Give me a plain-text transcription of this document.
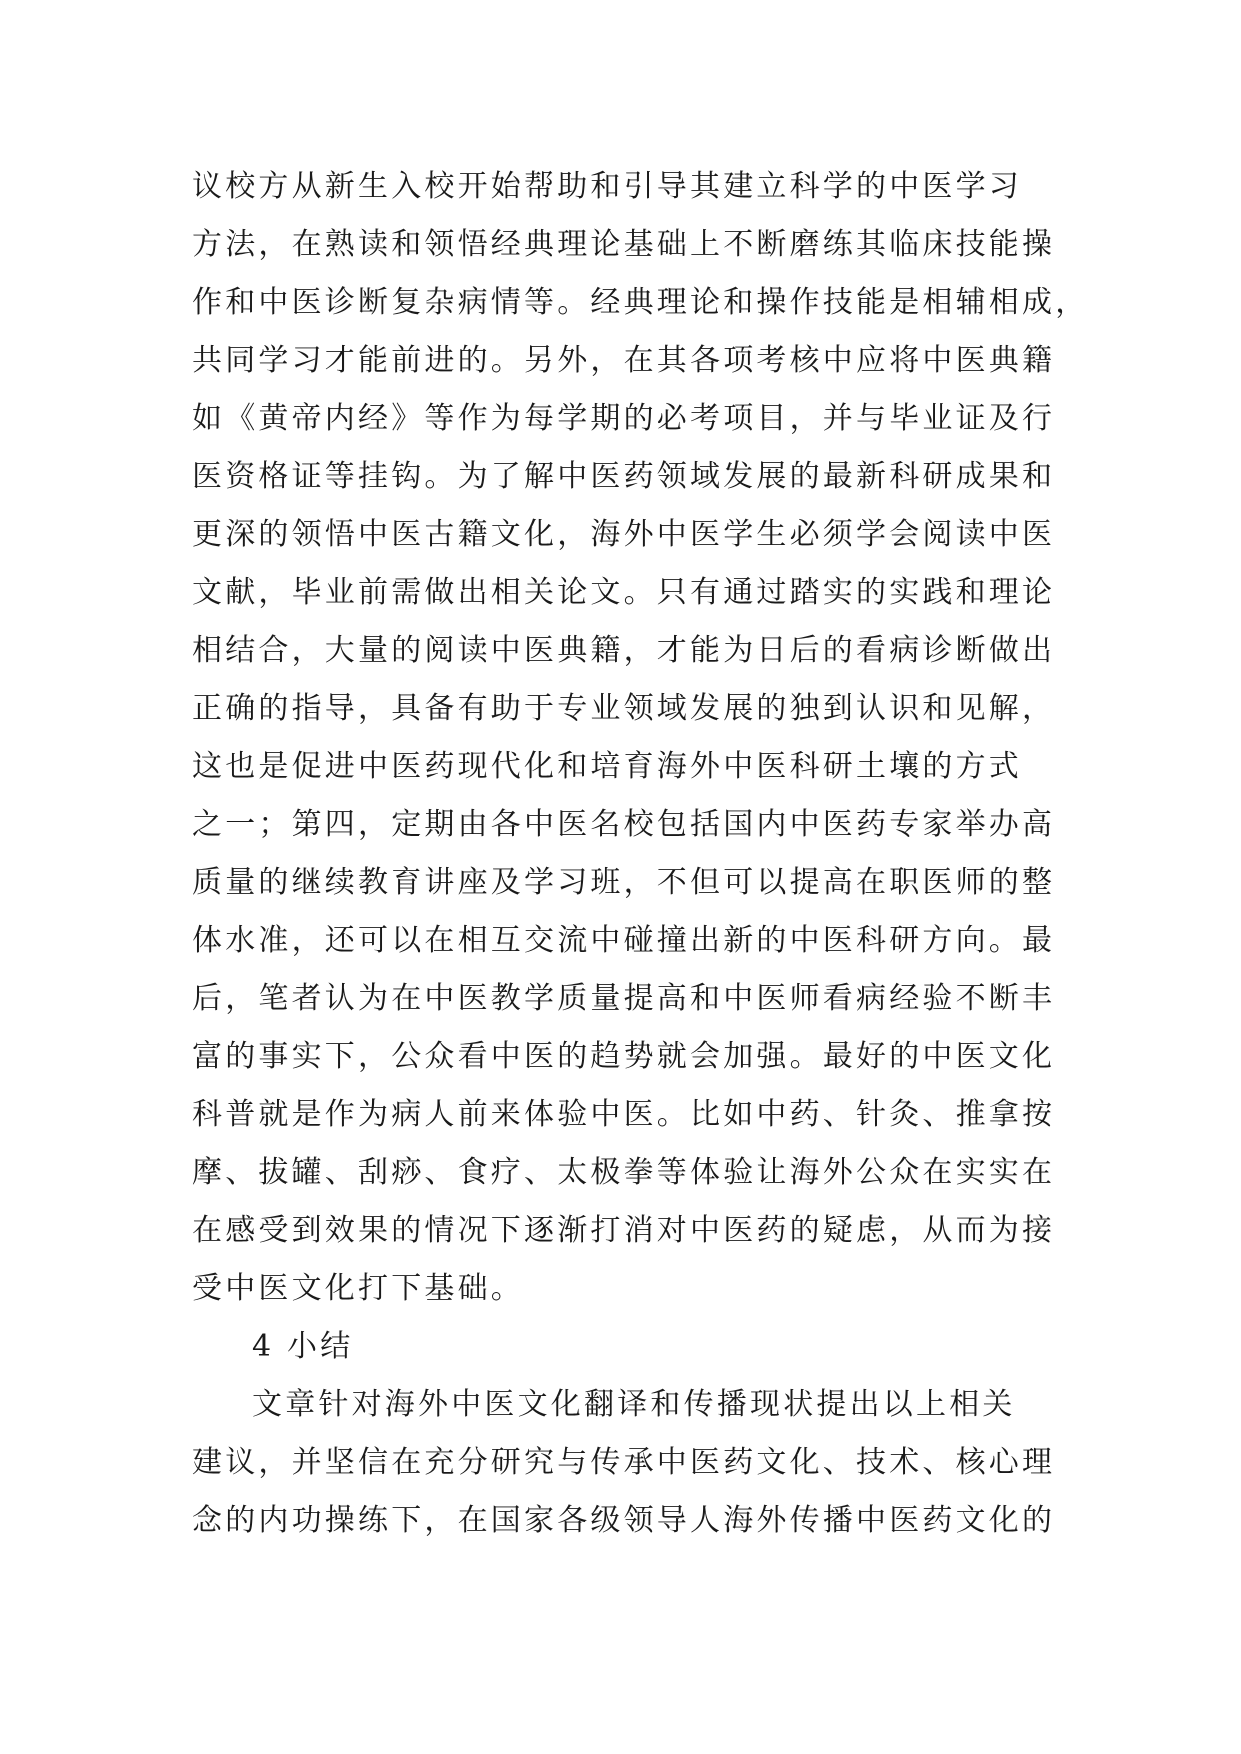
议校方从新生入校开始帮助和引导其建立科学的中医学习
方法，在熟读和领悟经典理论基础上不断磨练其临床技能操
作和中医诊断复杂病情等。经典理论和操作技能是相辅相成，
共同学习才能前进的。另外，在其各项考核中应将中医典籍
如《黄帝内经》等作为每学期的必考项目，并与毕业证及行
医资格证等挂钩。为了解中医药领域发展的最新科研成果和
更深的领悟中医古籍文化，海外中医学生必须学会阅读中医
文献，毕业前需做出相关论文。只有通过踏实的实践和理论
相结合，大量的阅读中医典籍，才能为日后的看病诊断做出
正确的指导，具备有助于专业领域发展的独到认识和见解，
这也是促进中医药现代化和培育海外中医科研土壤的方式
之一；第四，定期由各中医名校包括国内中医药专家举办高
质量的继续教育讲座及学习班，不但可以提高在职医师的整
体水准，还可以在相互交流中碰撞出新的中医科研方向。最
后，笔者认为在中医教学质量提高和中医师看病经验不断丰
富的事实下，公众看中医的趋势就会加强。最好的中医文化
科普就是作为病人前来体验中医。比如中药、针灸、推拿按
摩、拔罐、刮痧、食疗、太极拳等体验让海外公众在实实在
在感受到效果的情况下逐渐打消对中医药的疑虑，从而为接
受中医文化打下基础。
4 小结
文章针对海外中医文化翻译和传播现状提出以上相关
建议，并坚信在充分研究与传承中医药文化、技术、核心理
念的内功操练下，在国家各级领导人海外传播中医药文化的
